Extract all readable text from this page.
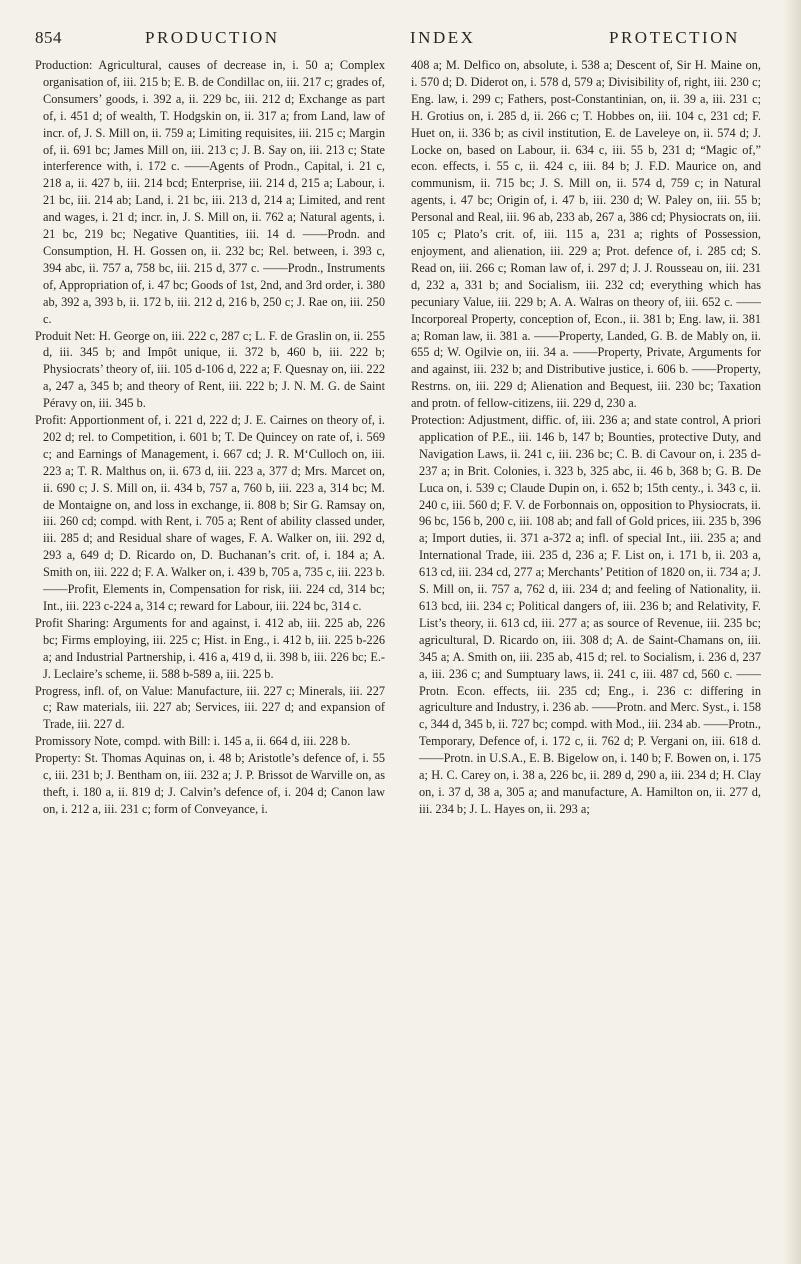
854	PRODUCTION	INDEX	PROTECTION

Production: Agricultural, causes of decrease in, i. 50 a; Complex organisation of, iii. 215 b; E. B. de Condillac on, iii. 217 c; grades of, Consumers’ goods, i. 392 a, ii. 229 bc, iii. 212 d; Exchange as part of, i. 451 d; of wealth, T. Hodgskin on, ii. 317 a; from Land, law of incr. of, J. S. Mill on, ii. 759 a; Limiting requisites, iii. 215 c; Margin of, ii. 691 bc; James Mill on, iii. 213 c; J. B. Say on, iii. 213 c; State interference with, i. 172 c. ——Agents of Prodn., Capital, i. 21 c, 218 a, ii. 427 b, iii. 214 bcd; Enterprise, iii. 214 d, 215 a; Labour, i. 21 bc, iii. 214 ab; Land, i. 21 bc, iii. 213 d, 214 a; Limited, and rent and wages, i. 21 d; incr. in, J. S. Mill on, ii. 762 a; Natural agents, i. 21 bc, 219 bc; Negative Quantities, iii. 14 d. ——Prodn. and Consumption, H. H. Gossen on, ii. 232 bc; Rel. between, i. 393 c, 394 abc, ii. 757 a, 758 bc, iii. 215 d, 377 c. ——Prodn., Instruments of, Appropriation of, i. 47 bc; Goods of 1st, 2nd, and 3rd order, i. 380 ab, 392 a, 393 b, ii. 172 b, iii. 212 d, 216 b, 250 c; J. Rae on, iii. 250 c.

Produit Net: H. George on, iii. 222 c, 287 c; L. F. de Graslin on, ii. 255 d, iii. 345 b; and Impôt unique, ii. 372 b, 460 b, iii. 222 b; Physiocrats’ theory of, iii. 105 d-106 d, 222 a; F. Quesnay on, iii. 222 a, 247 a, 345 b; and theory of Rent, iii. 222 b; J. N. M. G. de Saint Péravy on, iii. 345 b.

Profit: Apportionment of, i. 221 d, 222 d; J. E. Cairnes on theory of, i. 202 d; rel. to Competition, i. 601 b; T. De Quincey on rate of, i. 569 c; and Earnings of Management, i. 667 cd; J. R. M‘Culloch on, iii. 223 a; T. R. Malthus on, ii. 673 d, iii. 223 a, 377 d; Mrs. Marcet on, ii. 690 c; J. S. Mill on, ii. 434 b, 757 a, 760 b, iii. 223 a, 314 bc; M. de Montaigne on, and loss in exchange, ii. 808 b; Sir G. Ramsay on, iii. 260 cd; compd. with Rent, i. 705 a; Rent of ability classed under, iii. 285 d; and Residual share of wages, F. A. Walker on, iii. 292 d, 293 a, 649 d; D. Ricardo on, D. Buchanan’s crit. of, i. 184 a; A. Smith on, iii. 222 d; F. A. Walker on, i. 439 b, 705 a, 735 c, iii. 223 b. ——Profit, Elements in, Compensation for risk, iii. 224 cd, 314 bc; Int., iii. 223 c-224 a, 314 c; reward for Labour, iii. 224 bc, 314 c.

Profit Sharing: Arguments for and against, i. 412 ab, iii. 225 ab, 226 bc; Firms employing, iii. 225 c; Hist. in Eng., i. 412 b, iii. 225 b-226 a; and Industrial Partnership, i. 416 a, 419 d, ii. 398 b, iii. 226 bc; E.-J. Leclaire’s scheme, ii. 588 b-589 a, iii. 225 b.

Progress, infl. of, on Value: Manufacture, iii. 227 c; Minerals, iii. 227 c; Raw materials, iii. 227 ab; Services, iii. 227 d; and expansion of Trade, iii. 227 d.

Promissory Note, compd. with Bill: i. 145 a, ii. 664 d, iii. 228 b.

Property: St. Thomas Aquinas on, i. 48 b; Aristotle’s defence of, i. 55 c, iii. 231 b; J. Bentham on, iii. 232 a; J. P. Brissot de Warville on, as theft, i. 180 a, ii. 819 d; J. Calvin’s defence of, i. 204 d; Canon law on, i. 212 a, iii. 231 c; form of Conveyance, i.

408 a; M. Delfico on, absolute, i. 538 a; Descent of, Sir H. Maine on, i. 570 d; D. Diderot on, i. 578 d, 579 a; Divisibility of, right, iii. 230 c; Eng. law, i. 299 c; Fathers, post-Constantinian, on, ii. 39 a, iii. 231 c; H. Grotius on, i. 285 d, ii. 266 c; T. Hobbes on, iii. 104 c, 231 cd; F. Huet on, ii. 336 b; as civil institution, E. de Laveleye on, ii. 574 d; J. Locke on, based on Labour, ii. 634 c, iii. 55 b, 231 d; “Magic of,” econ. effects, i. 55 c, ii. 424 c, iii. 84 b; J. F.D. Maurice on, and communism, ii. 715 bc; J. S. Mill on, ii. 574 d, 759 c; in Natural agents, i. 47 bc; Origin of, i. 47 b, iii. 230 d; W. Paley on, iii. 55 b; Personal and Real, iii. 96 ab, 233 ab, 267 a, 386 cd; Physiocrats on, iii. 105 c; Plato’s crit. of, iii. 115 a, 231 a; rights of Possession, enjoyment, and alienation, iii. 229 a; Prot. defence of, i. 285 cd; S. Read on, iii. 266 c; Roman law of, i. 297 d; J. J. Rousseau on, iii. 231 d, 232 a, 331 b; and Socialism, iii. 232 cd; everything which has pecuniary Value, iii. 229 b; A. A. Walras on theory of, iii. 652 c. ——Incorporeal Property, conception of, Econ., ii. 381 b; Eng. law, ii. 381 a; Roman law, ii. 381 a. ——Property, Landed, G. B. de Mably on, ii. 655 d; W. Ogilvie on, iii. 34 a. ——Property, Private, Arguments for and against, iii. 232 b; and Distributive justice, i. 606 b. ——Property, Restrns. on, iii. 229 d; Alienation and Bequest, iii. 230 bc; Taxation and protn. of fellow-citizens, iii. 229 d, 230 a.

Protection: Adjustment, diffic. of, iii. 236 a; and state control, A priori application of P.E., iii. 146 b, 147 b; Bounties, protective Duty, and Navigation Laws, ii. 241 c, iii. 236 bc; C. B. di Cavour on, i. 235 d-237 a; in Brit. Colonies, i. 323 b, 325 abc, ii. 46 b, 368 b; G. B. De Luca on, i. 539 c; Claude Dupin on, i. 652 b; 15th centy., i. 343 c, ii. 240 c, iii. 560 d; F. V. de Forbonnais on, opposition to Physiocrats, ii. 96 bc, 156 b, 200 c, iii. 108 ab; and fall of Gold prices, iii. 235 b, 396 a; Import duties, ii. 371 a-372 a; infl. of special Int., iii. 235 a; and International Trade, iii. 235 d, 236 a; F. List on, i. 171 b, ii. 203 a, 613 cd, iii. 234 cd, 277 a; Merchants’ Petition of 1820 on, ii. 734 a; J. S. Mill on, ii. 757 a, 762 d, iii. 234 d; and feeling of Nationality, ii. 613 bcd, iii. 234 c; Political dangers of, iii. 236 b; and Relativity, F. List’s theory, ii. 613 cd, iii. 277 a; as source of Revenue, iii. 235 bc; agricultural, D. Ricardo on, iii. 308 d; A. de Saint-Chamans on, iii. 345 a; A. Smith on, iii. 235 ab, 415 d; rel. to Socialism, i. 236 d, 237 a, iii. 236 c; and Sumptuary laws, ii. 241 c, iii. 487 cd, 560 c. ——Protn. Econ. effects, iii. 235 cd; Eng., i. 236 c: differing in agriculture and Industry, i. 236 ab. ——Protn. and Merc. Syst., i. 158 c, 344 d, 345 b, ii. 727 bc; compd. with Mod., iii. 234 ab. ——Protn., Temporary, Defence of, i. 172 c, ii. 762 d; P. Vergani on, iii. 618 d. ——Protn. in U.S.A., E. B. Bigelow on, i. 140 b; F. Bowen on, i. 175 a; H. C. Carey on, i. 38 a, 226 bc, ii. 289 d, 290 a, iii. 234 d; H. Clay on, i. 37 d, 38 a, 305 a; and manufacture, A. Hamilton on, ii. 277 d, iii. 234 b; J. L. Hayes on, ii. 293 a;
